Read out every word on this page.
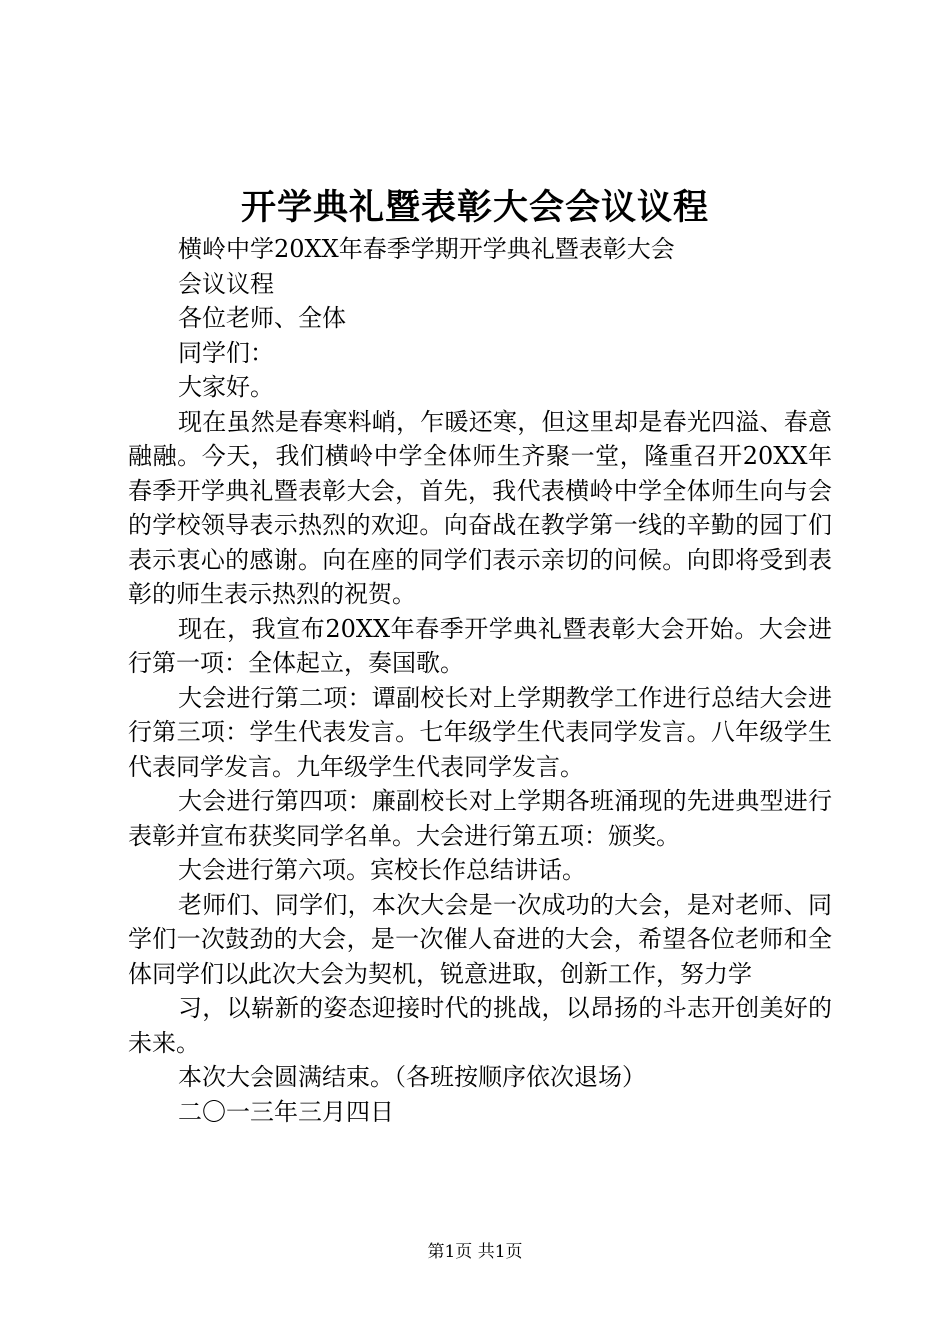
开学典礼暨表彰大会会议议程

横岭中学20XX年春季学期开学典礼暨表彰大会

会议议程

各位老师、全体

同学们：

大家好。

现在虽然是春寒料峭，乍暖还寒，但这里却是春光四溢、春意融融。今天，我们横岭中学全体师生齐聚一堂，隆重召开20XX年春季开学典礼暨表彰大会，首先，我代表横岭中学全体师生向与会的学校领导表示热烈的欢迎。向奋战在教学第一线的辛勤的园丁们表示衷心的感谢。向在座的同学们表示亲切的问候。向即将受到表彰的师生表示热烈的祝贺。

现在，我宣布20XX年春季开学典礼暨表彰大会开始。大会进行第一项：全体起立，奏国歌。

大会进行第二项：谭副校长对上学期教学工作进行总结大会进行第三项：学生代表发言。七年级学生代表同学发言。八年级学生代表同学发言。九年级学生代表同学发言。

大会进行第四项：廉副校长对上学期各班涌现的先进典型进行表彰并宣布获奖同学名单。大会进行第五项：颁奖。

大会进行第六项。宾校长作总结讲话。

老师们、同学们，本次大会是一次成功的大会，是对老师、同学们一次鼓劲的大会，是一次催人奋进的大会，希望各位老师和全体同学们以此次大会为契机，锐意进取，创新工作，努力学

习，以崭新的姿态迎接时代的挑战，以昂扬的斗志开创美好的未来。

本次大会圆满结束。（各班按顺序依次退场）

二〇一三年三月四日

第1页 共1页
